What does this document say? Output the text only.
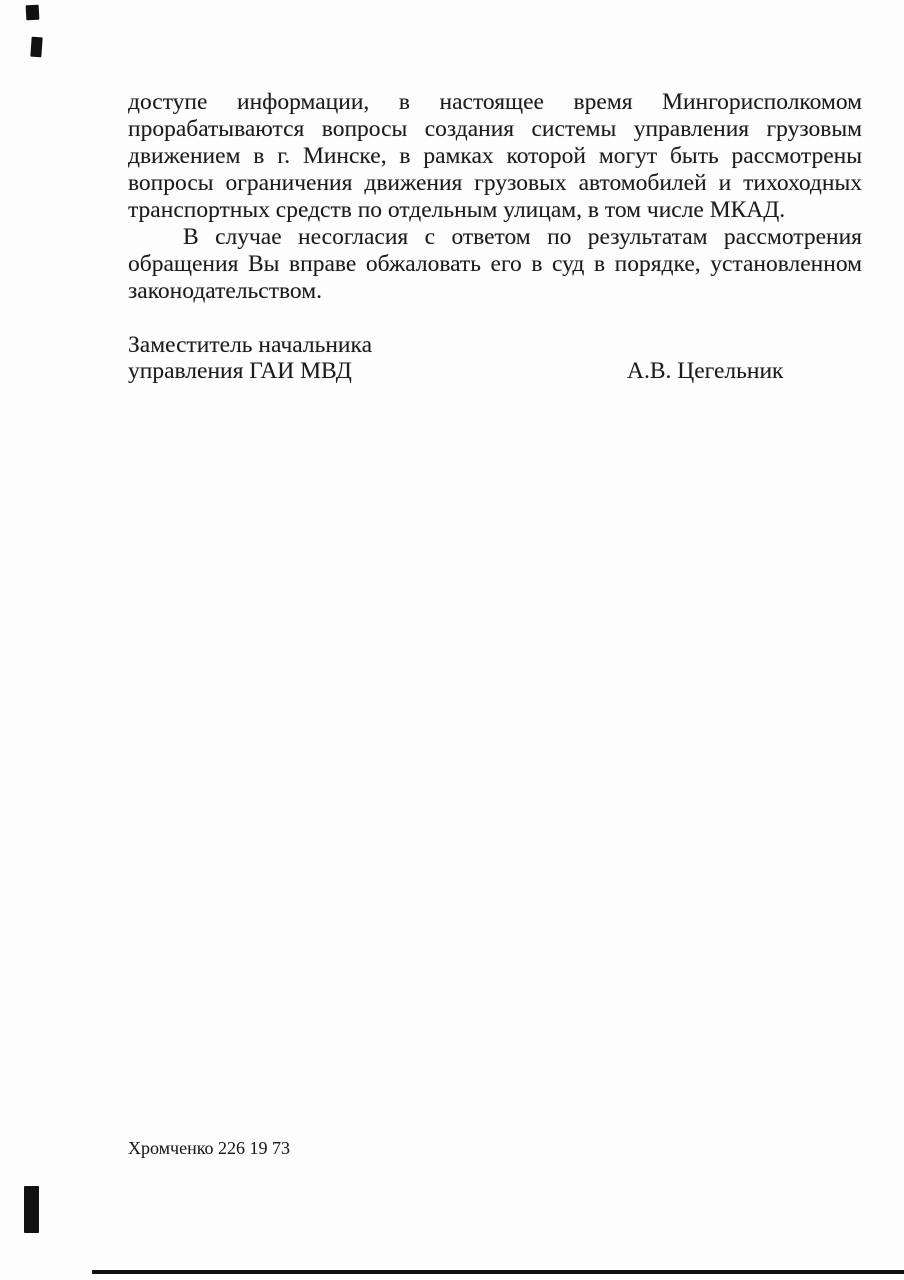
доступе информации, в настоящее время Мингорисполкомом
прорабатываются вопросы создания системы управления грузовым
движением в г. Минске, в рамках которой могут быть рассмотрены
вопросы ограничения движения грузовых автомобилей и тихоходных
транспортных средств по отдельным улицам, в том числе МКАД.
В случае несогласия с ответом по результатам рассмотрения
обращения Вы вправе обжаловать его в суд в порядке, установленном
законодательством.
Заместитель начальника
управления ГАИ МВД	А.В. Цегельник
Хромченко 226 19 73
